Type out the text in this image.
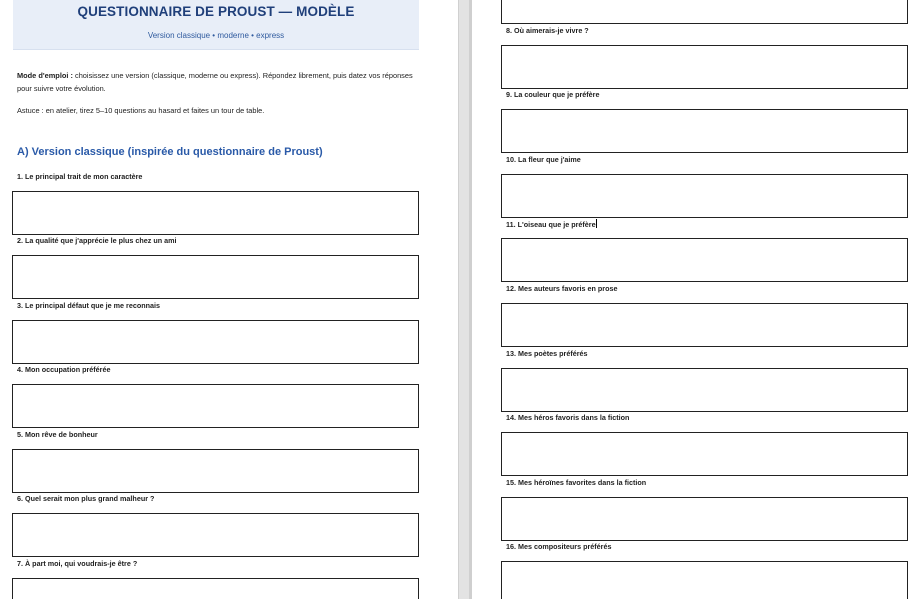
QUESTIONNAIRE DE PROUST — MODÈLE
Version classique • moderne • express
Mode d'emploi : choisissez une version (classique, moderne ou express). Répondez librement, puis datez vos réponses pour suivre votre évolution.
Astuce : en atelier, tirez 5–10 questions au hasard et faites un tour de table.
A) Version classique (inspirée du questionnaire de Proust)
1. Le principal trait de mon caractère
2. La qualité que j'apprécie le plus chez un ami
3. Le principal défaut que je me reconnais
4. Mon occupation préférée
5. Mon rêve de bonheur
6. Quel serait mon plus grand malheur ?
7. À part moi, qui voudrais-je être ?
8. Où aimerais-je vivre ?
9. La couleur que je préfère
10. La fleur que j'aime
11. L'oiseau que je préfère
12. Mes auteurs favoris en prose
13. Mes poètes préférés
14. Mes héros favoris dans la fiction
15. Mes héroïnes favorites dans la fiction
16. Mes compositeurs préférés
